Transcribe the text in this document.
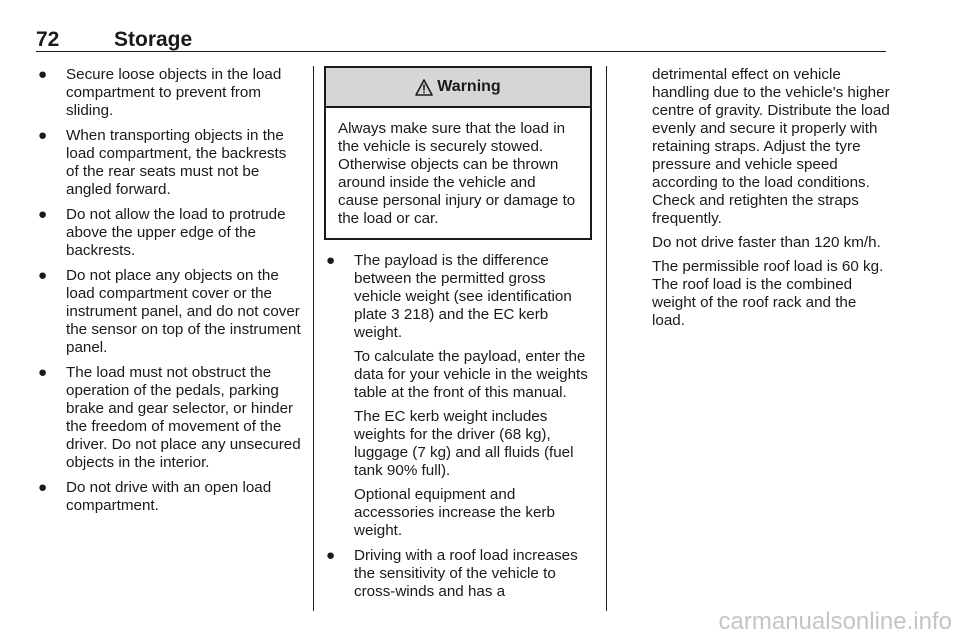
72	Storage
● Secure loose objects in the load compartment to prevent from sliding.
● When transporting objects in the load compartment, the backrests of the rear seats must not be angled forward.
● Do not allow the load to protrude above the upper edge of the backrests.
● Do not place any objects on the load compartment cover or the instrument panel, and do not cover the sensor on top of the instrument panel.
● The load must not obstruct the operation of the pedals, parking brake and gear selector, or hinder the freedom of movement of the driver. Do not place any unsecured objects in the interior.
● Do not drive with an open load compartment.
Warning
Always make sure that the load in the vehicle is securely stowed. Otherwise objects can be thrown around inside the vehicle and cause personal injury or damage to the load or car.
● The payload is the difference between the permitted gross vehicle weight (see identification plate 3 218) and the EC kerb weight.
To calculate the payload, enter the data for your vehicle in the weights table at the front of this manual.
The EC kerb weight includes weights for the driver (68 kg), luggage (7 kg) and all fluids (fuel tank 90% full).
Optional equipment and accessories increase the kerb weight.
● Driving with a roof load increases the sensitivity of the vehicle to cross-winds and has a

detrimental effect on vehicle handling due to the vehicle's higher centre of gravity. Distribute the load evenly and secure it properly with retaining straps. Adjust the tyre pressure and vehicle speed according to the load conditions. Check and retighten the straps frequently.

Do not drive faster than 120 km/h.

The permissible roof load is 60 kg. The roof load is the combined weight of the roof rack and the load.

carmanualsonline.info
